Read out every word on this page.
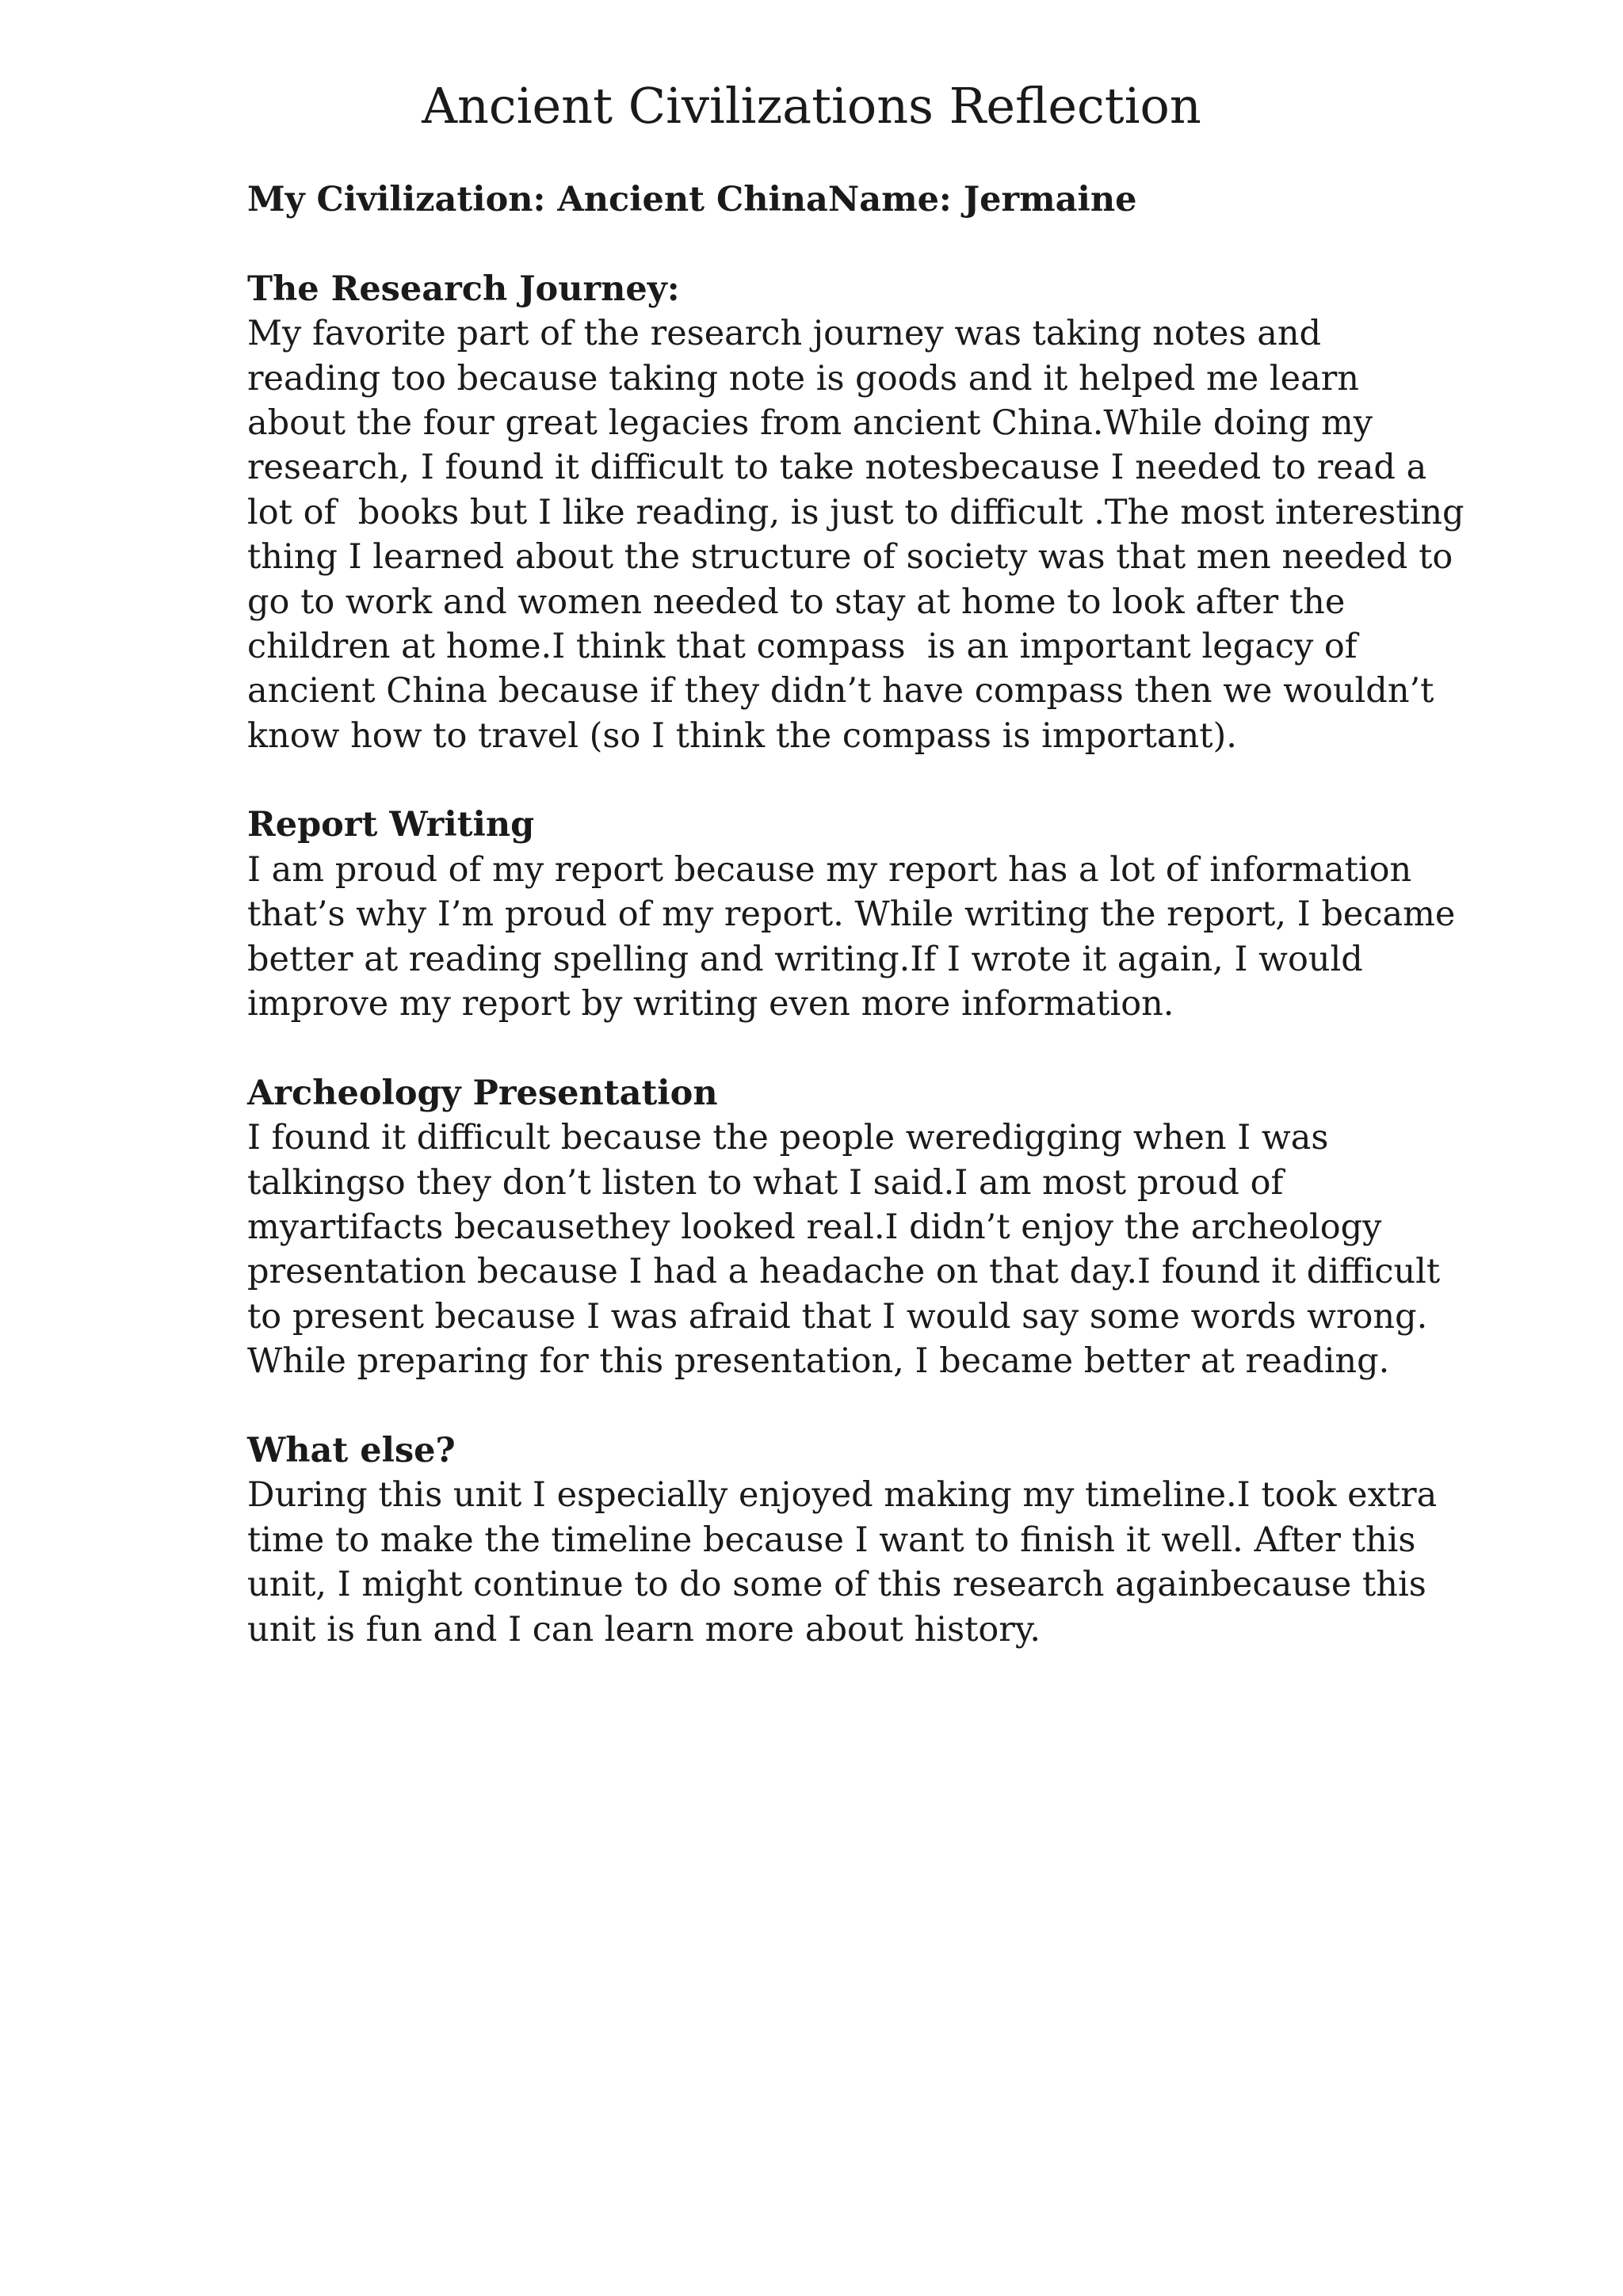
Ancient Civilizations Reflection
My Civilization: Ancient ChinaName: Jermaine
The Research Journey:
My favorite part of the research journey was taking notes and
reading too because taking note is goods and it helped me learn
about the four great legacies from ancient China.While doing my
research, I found it difficult to take notesbecause I needed to read a
lot of  books but I like reading, is just to difficult .The most interesting
thing I learned about the structure of society was that men needed to
go to work and women needed to stay at home to look after the
children at home.I think that compass  is an important legacy of
ancient China because if they didn’t have compass then we wouldn’t
know how to travel (so I think the compass is important).
Report Writing
I am proud of my report because my report has a lot of information
that’s why I’m proud of my report. While writing the report, I became
better at reading spelling and writing.If I wrote it again, I would
improve my report by writing even more information.
Archeology Presentation
I found it difficult because the people weredigging when I was
talkingso they don’t listen to what I said.I am most proud of
myartifacts becausethey looked real.I didn’t enjoy the archeology
presentation because I had a headache on that day.I found it difficult
to present because I was afraid that I would say some words wrong.
While preparing for this presentation, I became better at reading.
What else?
During this unit I especially enjoyed making my timeline.I took extra
time to make the timeline because I want to finish it well. After this
unit, I might continue to do some of this research againbecause this
unit is fun and I can learn more about history.
